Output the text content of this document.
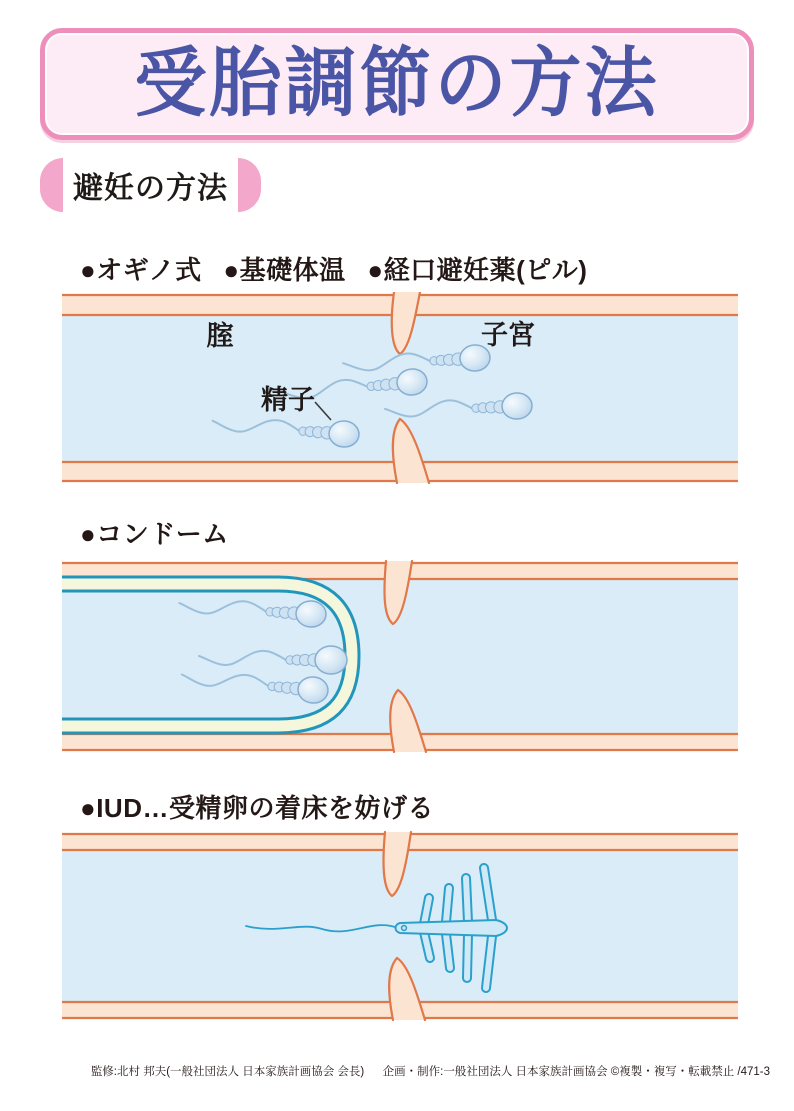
受胎調節の方法
避妊の方法
●オギノ式 ●基礎体温 ●経口避妊薬(ピル)
腟	子宮
精子
●コンドーム
●IUD…受精卵の着床を妨げる
監修:北村 邦夫(一般社団法人 日本家族計画協会 会長) 企画・制作:一般社団法人 日本家族計画協会 ©複製・複写・転載禁止 /471-3
